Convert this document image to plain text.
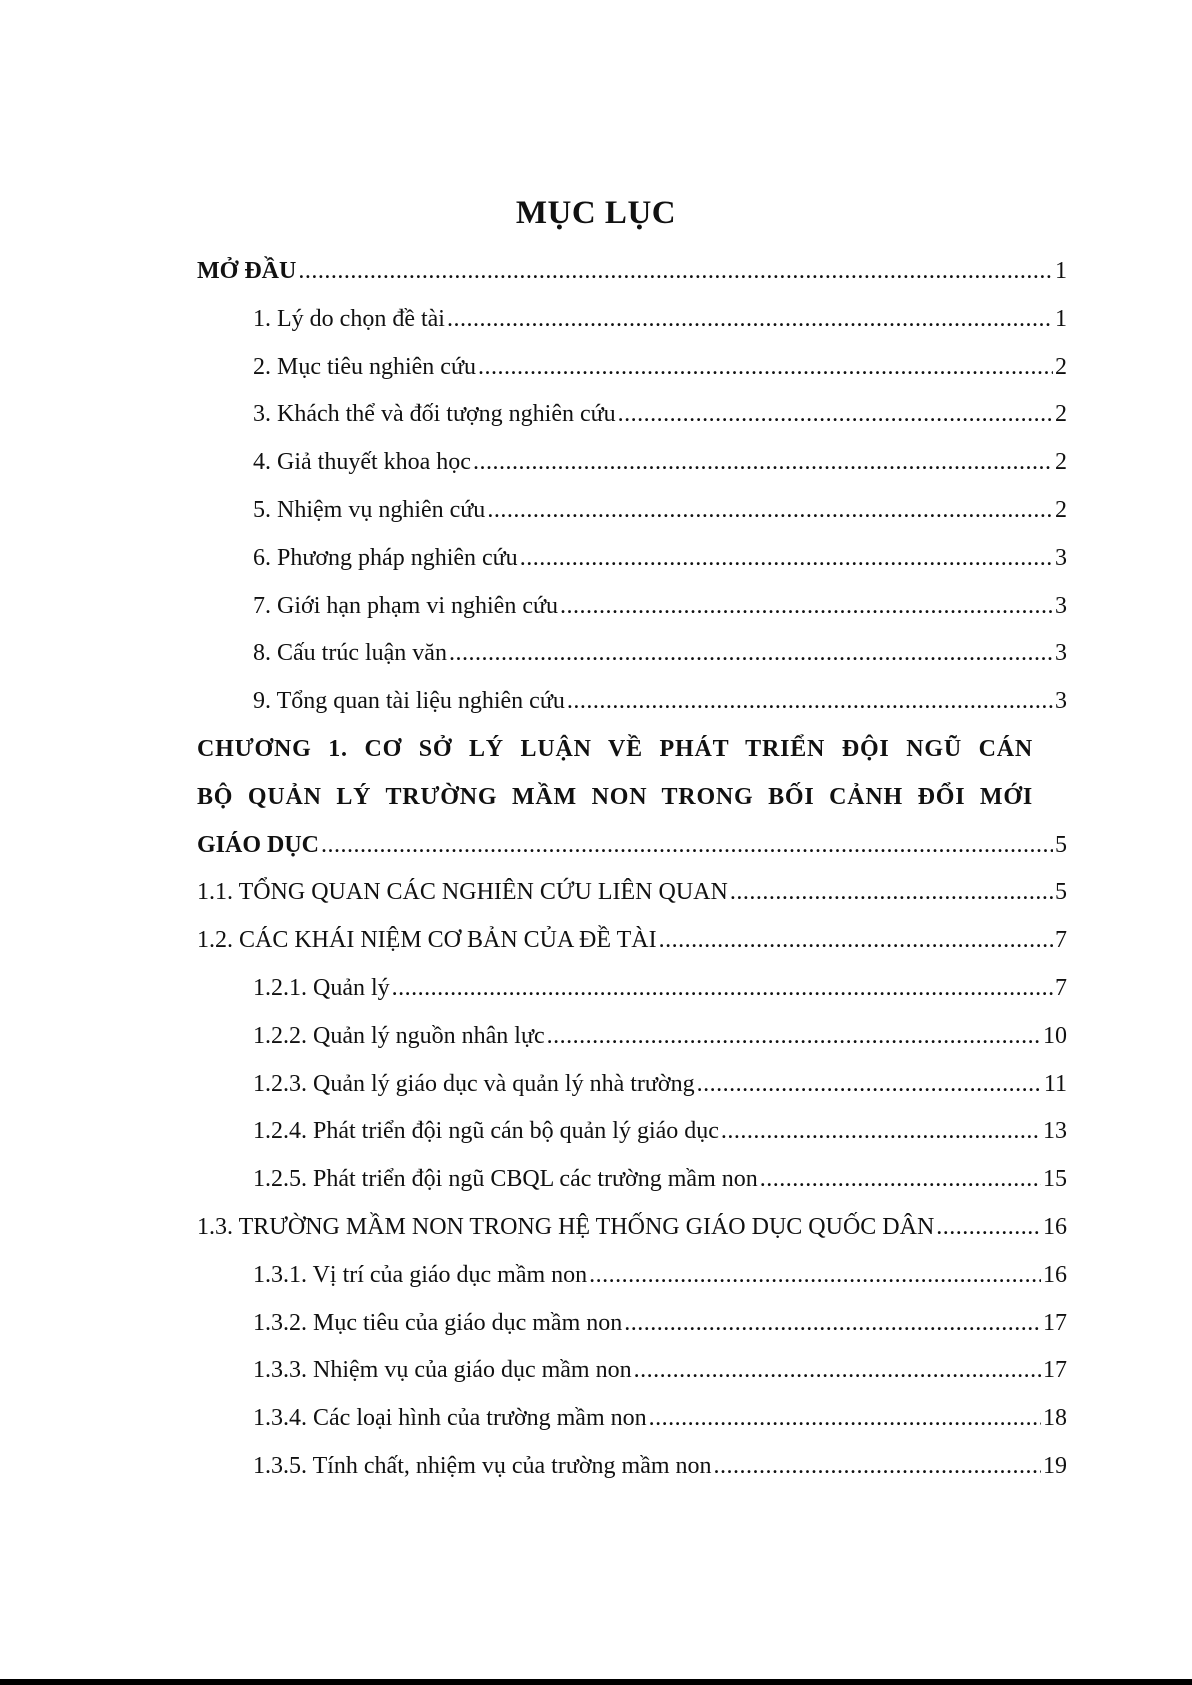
MỤC LỤC
MỞ ĐẦU .....	1
1. Lý do chọn đề tài .....	1
2. Mục tiêu nghiên cứu .....	2
3. Khách thể và đối tượng nghiên cứu .....	2
4. Giả thuyết khoa học .....	2
5. Nhiệm vụ nghiên cứu .....	2
6. Phương pháp nghiên cứu .....	3
7. Giới hạn phạm vi nghiên cứu .....	3
8. Cấu trúc luận văn .....	3
9. Tổng quan tài liệu nghiên cứu .....	3
CHƯƠNG 1. CƠ SỞ LÝ LUẬN VỀ PHÁT TRIỂN ĐỘI NGŨ CÁN
BỘ QUẢN LÝ TRƯỜNG MẦM NON TRONG BỐI CẢNH ĐỔI MỚI
GIÁO DỤC .....	5
1.1. TỔNG QUAN CÁC NGHIÊN CỨU LIÊN QUAN .....	5
1.2. CÁC KHÁI NIỆM CƠ BẢN CỦA ĐỀ TÀI .....	7
1.2.1. Quản lý .....	7
1.2.2. Quản lý nguồn nhân lực .....	10
1.2.3. Quản lý giáo dục và quản lý nhà trường .....	11
1.2.4. Phát triển đội ngũ cán bộ quản lý giáo dục .....	13
1.2.5. Phát triển đội ngũ CBQL các trường mầm non .....	15
1.3. TRƯỜNG MẦM NON TRONG HỆ THỐNG GIÁO DỤC QUỐC DÂN .....	16
1.3.1. Vị trí của giáo dục mầm non .....	16
1.3.2. Mục tiêu của giáo dục mầm non .....	17
1.3.3. Nhiệm vụ của giáo dục mầm non .....	17
1.3.4. Các loại hình của trường mầm non .....	18
1.3.5. Tính chất, nhiệm vụ của trường mầm non .....	19
